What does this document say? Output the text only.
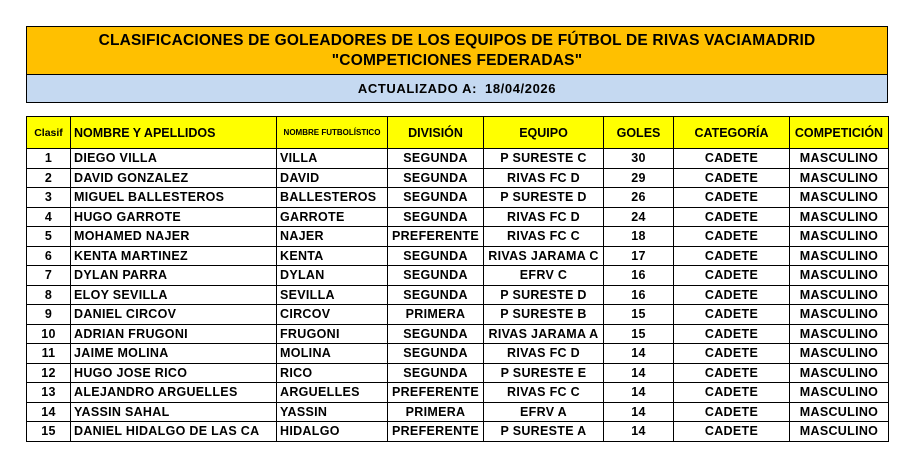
CLASIFICACIONES DE GOLEADORES DE LOS EQUIPOS DE FÚTBOL DE RIVAS VACIAMADRID
"COMPETICIONES FEDERADAS"
ACTUALIZADO A: 18/04/2026
Clasif	NOMBRE Y APELLIDOS	NOMBRE FUTBOLÍSTICO	DIVISIÓN	EQUIPO	GOLES	CATEGORÍA	COMPETICIÓN
1	DIEGO VILLA	VILLA	SEGUNDA	P SURESTE C	30	CADETE	MASCULINO
2	DAVID GONZALEZ	DAVID	SEGUNDA	RIVAS FC D	29	CADETE	MASCULINO
3	MIGUEL BALLESTEROS	BALLESTEROS	SEGUNDA	P SURESTE D	26	CADETE	MASCULINO
4	HUGO GARROTE	GARROTE	SEGUNDA	RIVAS FC D	24	CADETE	MASCULINO
5	MOHAMED NAJER	NAJER	PREFERENTE	RIVAS FC C	18	CADETE	MASCULINO
6	KENTA MARTINEZ	KENTA	SEGUNDA	RIVAS JARAMA C	17	CADETE	MASCULINO
7	DYLAN PARRA	DYLAN	SEGUNDA	EFRV C	16	CADETE	MASCULINO
8	ELOY SEVILLA	SEVILLA	SEGUNDA	P SURESTE D	16	CADETE	MASCULINO
9	DANIEL CIRCOV	CIRCOV	PRIMERA	P SURESTE B	15	CADETE	MASCULINO
10	ADRIAN FRUGONI	FRUGONI	SEGUNDA	RIVAS JARAMA A	15	CADETE	MASCULINO
11	JAIME MOLINA	MOLINA	SEGUNDA	RIVAS FC D	14	CADETE	MASCULINO
12	HUGO JOSE RICO	RICO	SEGUNDA	P SURESTE E	14	CADETE	MASCULINO
13	ALEJANDRO ARGUELLES	ARGUELLES	PREFERENTE	RIVAS FC C	14	CADETE	MASCULINO
14	YASSIN SAHAL	YASSIN	PRIMERA	EFRV A	14	CADETE	MASCULINO
15	DANIEL HIDALGO DE LAS CA	HIDALGO	PREFERENTE	P SURESTE A	14	CADETE	MASCULINO
